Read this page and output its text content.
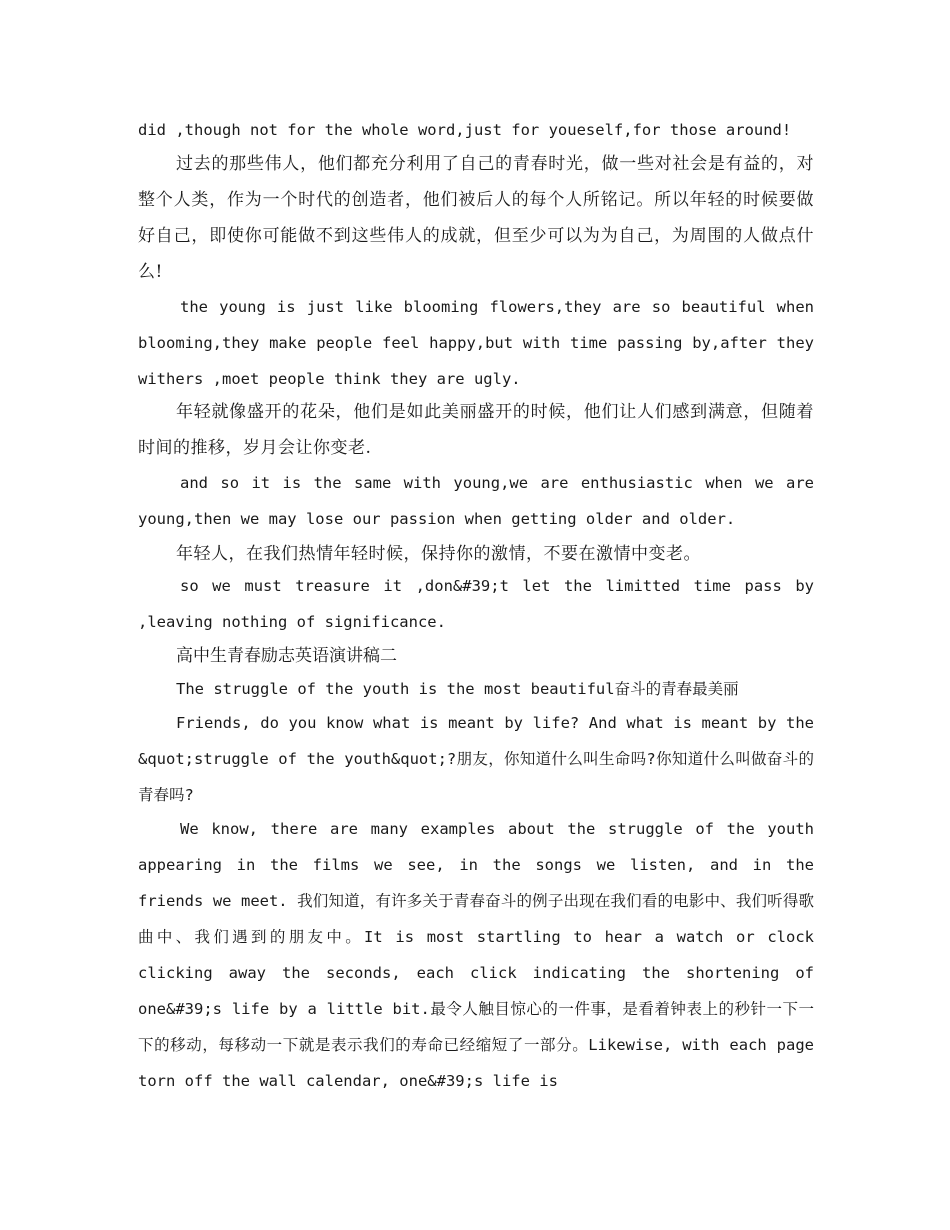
did ,though not for the whole word,just for youeself,for those around!

过去的那些伟人，他们都充分利用了自己的青春时光，做一些对社会是有益的，对整个人类，作为一个时代的创造者，他们被后人的每个人所铭记。所以年轻的时候要做好自己，即使你可能做不到这些伟人的成就，但至少可以为为自己，为周围的人做点什么!

the young is just like blooming flowers,they are so beautiful when blooming,they make people feel happy,but with time passing by,after they withers ,moet people think they are ugly.

年轻就像盛开的花朵，他们是如此美丽盛开的时候，他们让人们感到满意，但随着时间的推移，岁月会让你变老.

and so it is the same with young,we are enthusiastic when we are young,then we may lose our passion when getting older and older.

年轻人，在我们热情年轻时候，保持你的激情，不要在激情中变老。

so we must treasure it ,don&#39;t let the limitted time pass by ,leaving nothing of significance.

高中生青春励志英语演讲稿二

The struggle of the youth is the most beautiful奋斗的青春最美丽

Friends, do you know what is meant by life? And what is meant by the &quot;struggle of the youth&quot;?朋友，你知道什么叫生命吗?你知道什么叫做奋斗的青春吗?

We know, there are many examples about the struggle of the youth appearing in the films we see, in the songs we listen, and in the friends we meet. 我们知道，有许多关于青春奋斗的例子出现在我们看的电影中、我们听得歌曲中、我们遇到的朋友中。It is most startling to hear a watch or clock clicking away the seconds, each click indicating the shortening of one&#39;s life by a little bit.最令人触目惊心的一件事，是看着钟表上的秒针一下一下的移动，每移动一下就是表示我们的寿命已经缩短了一部分。Likewise, with each page torn off the wall calendar, one&#39;s life is
